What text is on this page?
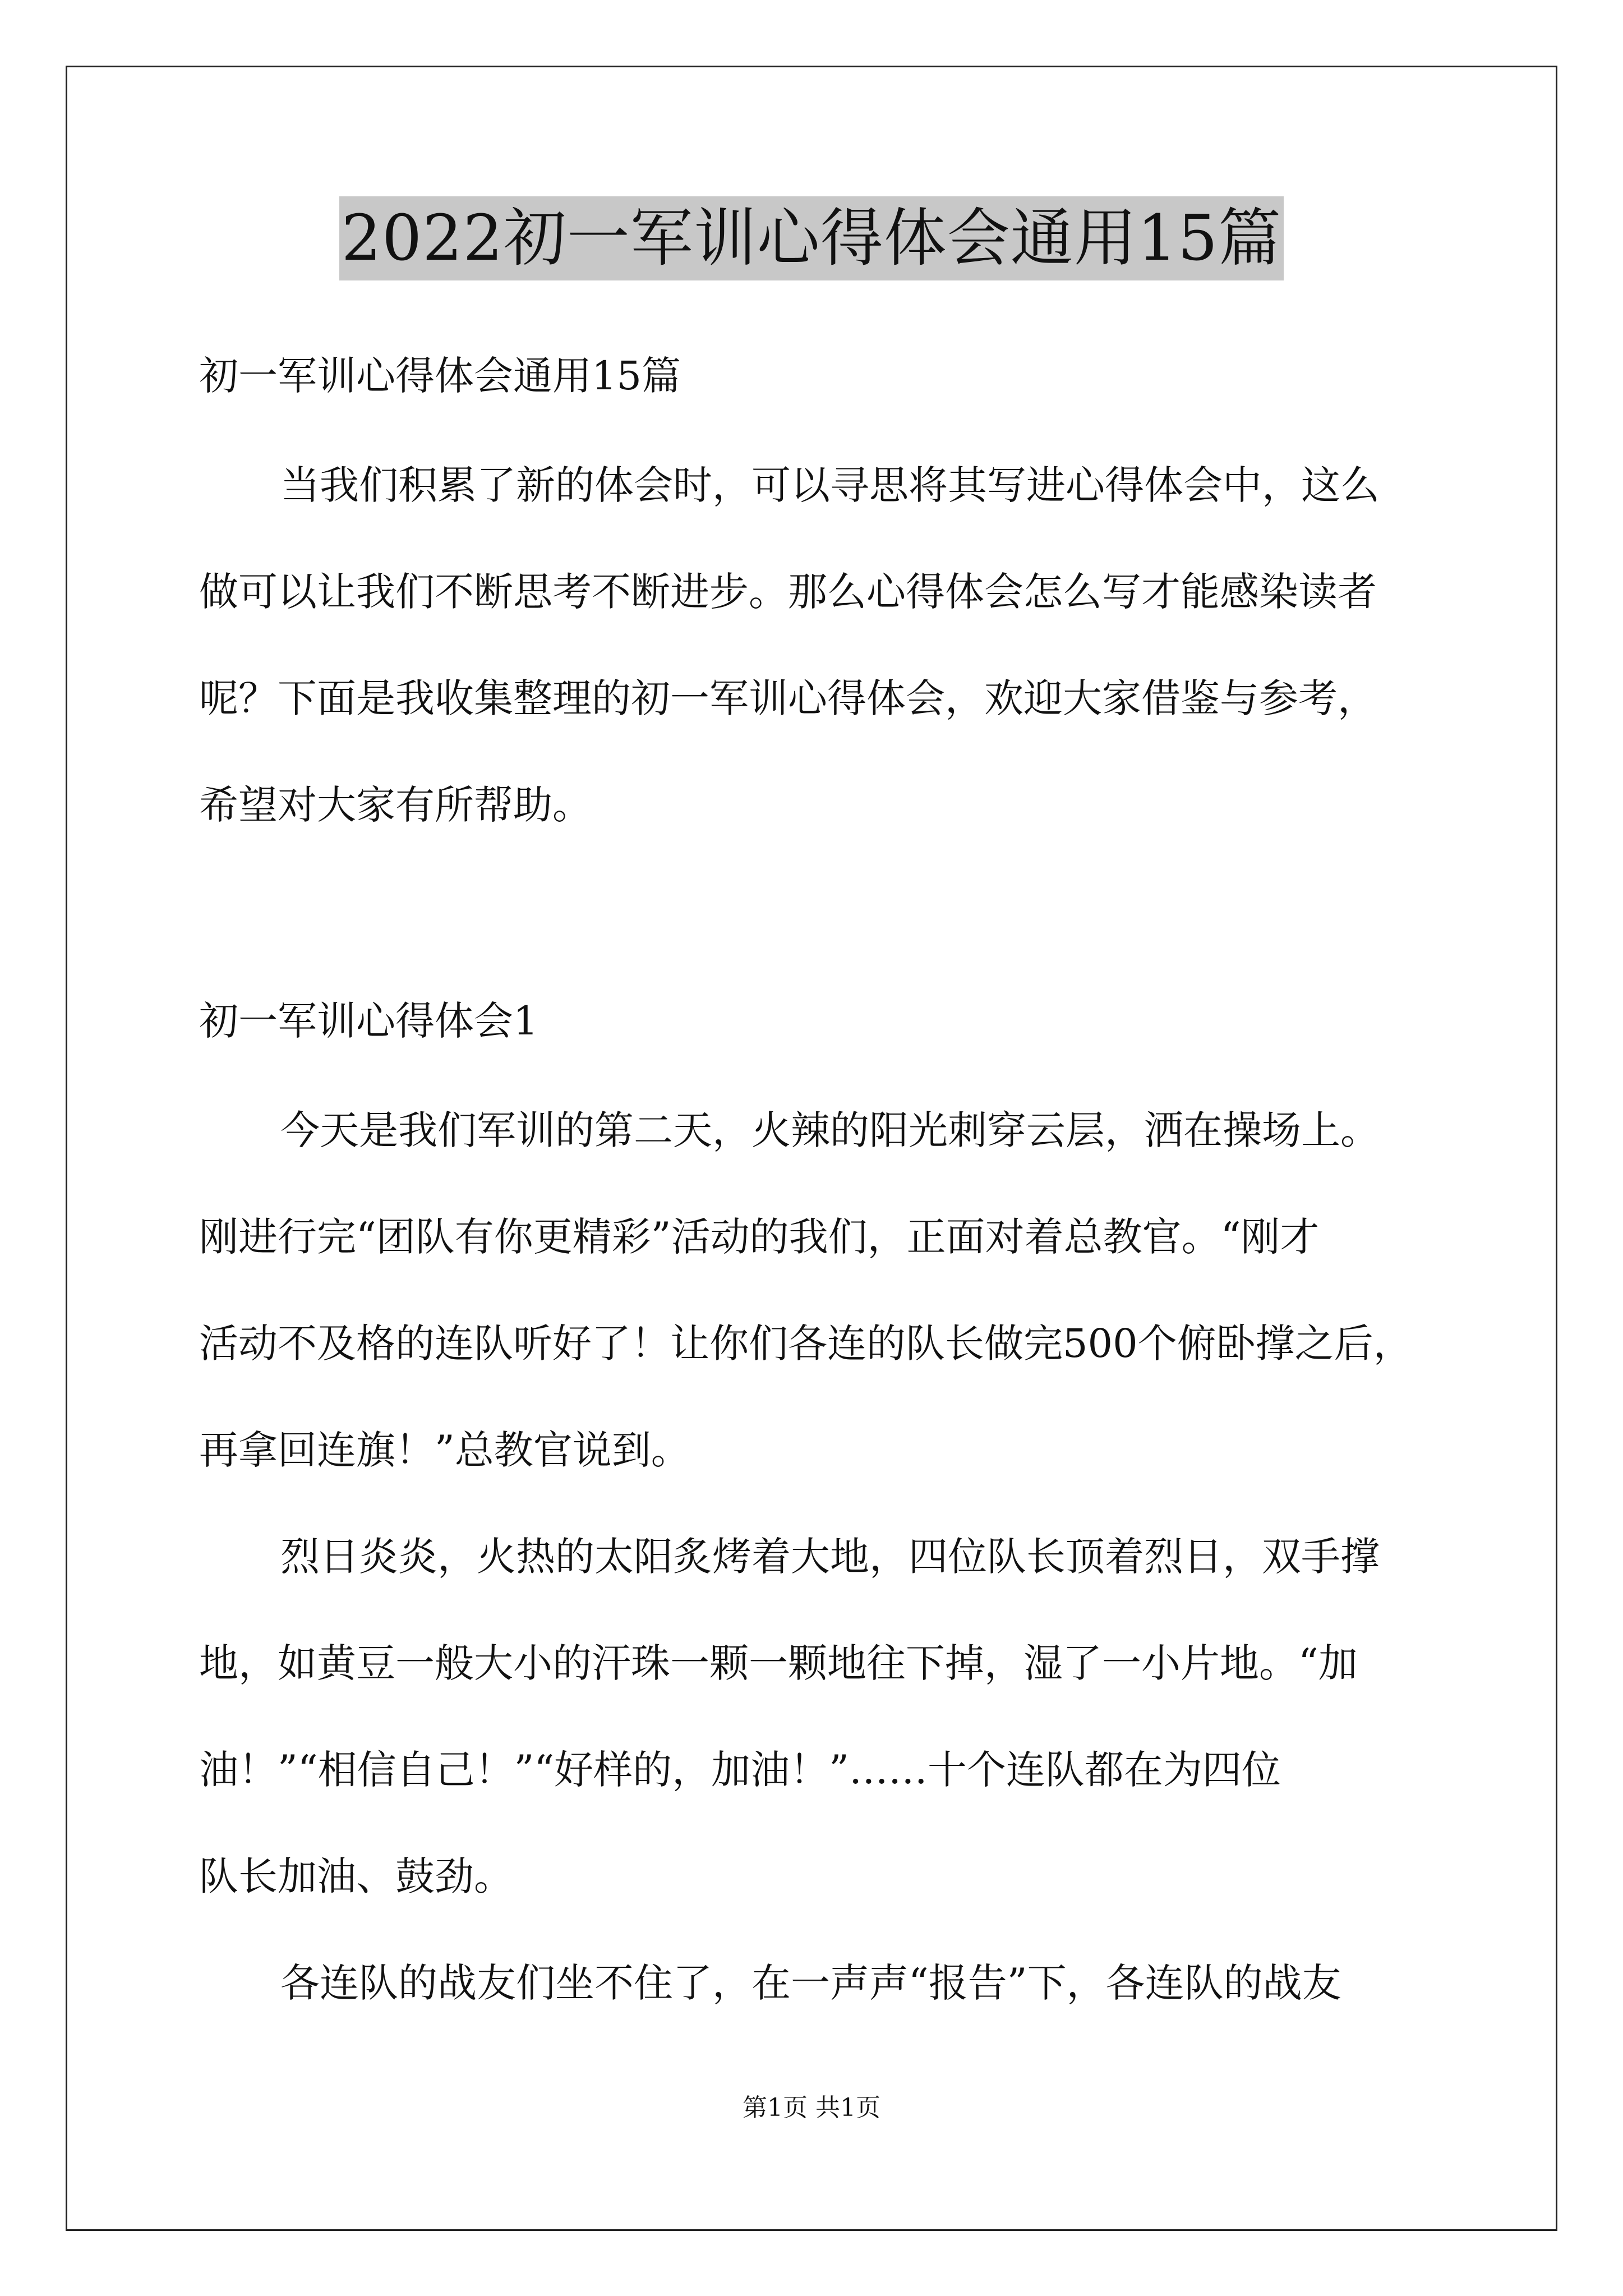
2022初一军训心得体会通用15篇
初一军训心得体会通用15篇
当我们积累了新的体会时，可以寻思将其写进心得体会中，这么
做可以让我们不断思考不断进步。那么心得体会怎么写才能感染读者
呢？下面是我收集整理的初一军训心得体会，欢迎大家借鉴与参考，
希望对大家有所帮助。
初一军训心得体会1
今天是我们军训的第二天，火辣的阳光刺穿云层，洒在操场上。
刚进行完“团队有你更精彩”活动的我们，正面对着总教官。“刚才
活动不及格的连队听好了！让你们各连的队长做完500个俯卧撑之后，
再拿回连旗！”总教官说到。
烈日炎炎，火热的太阳炙烤着大地，四位队长顶着烈日，双手撑
地，如黄豆一般大小的汗珠一颗一颗地往下掉，湿了一小片地。“加
油！”“相信自己！”“好样的，加油！”……十个连队都在为四位
队长加油、鼓劲。
各连队的战友们坐不住了，在一声声“报告”下，各连队的战友
第1页 共1页
